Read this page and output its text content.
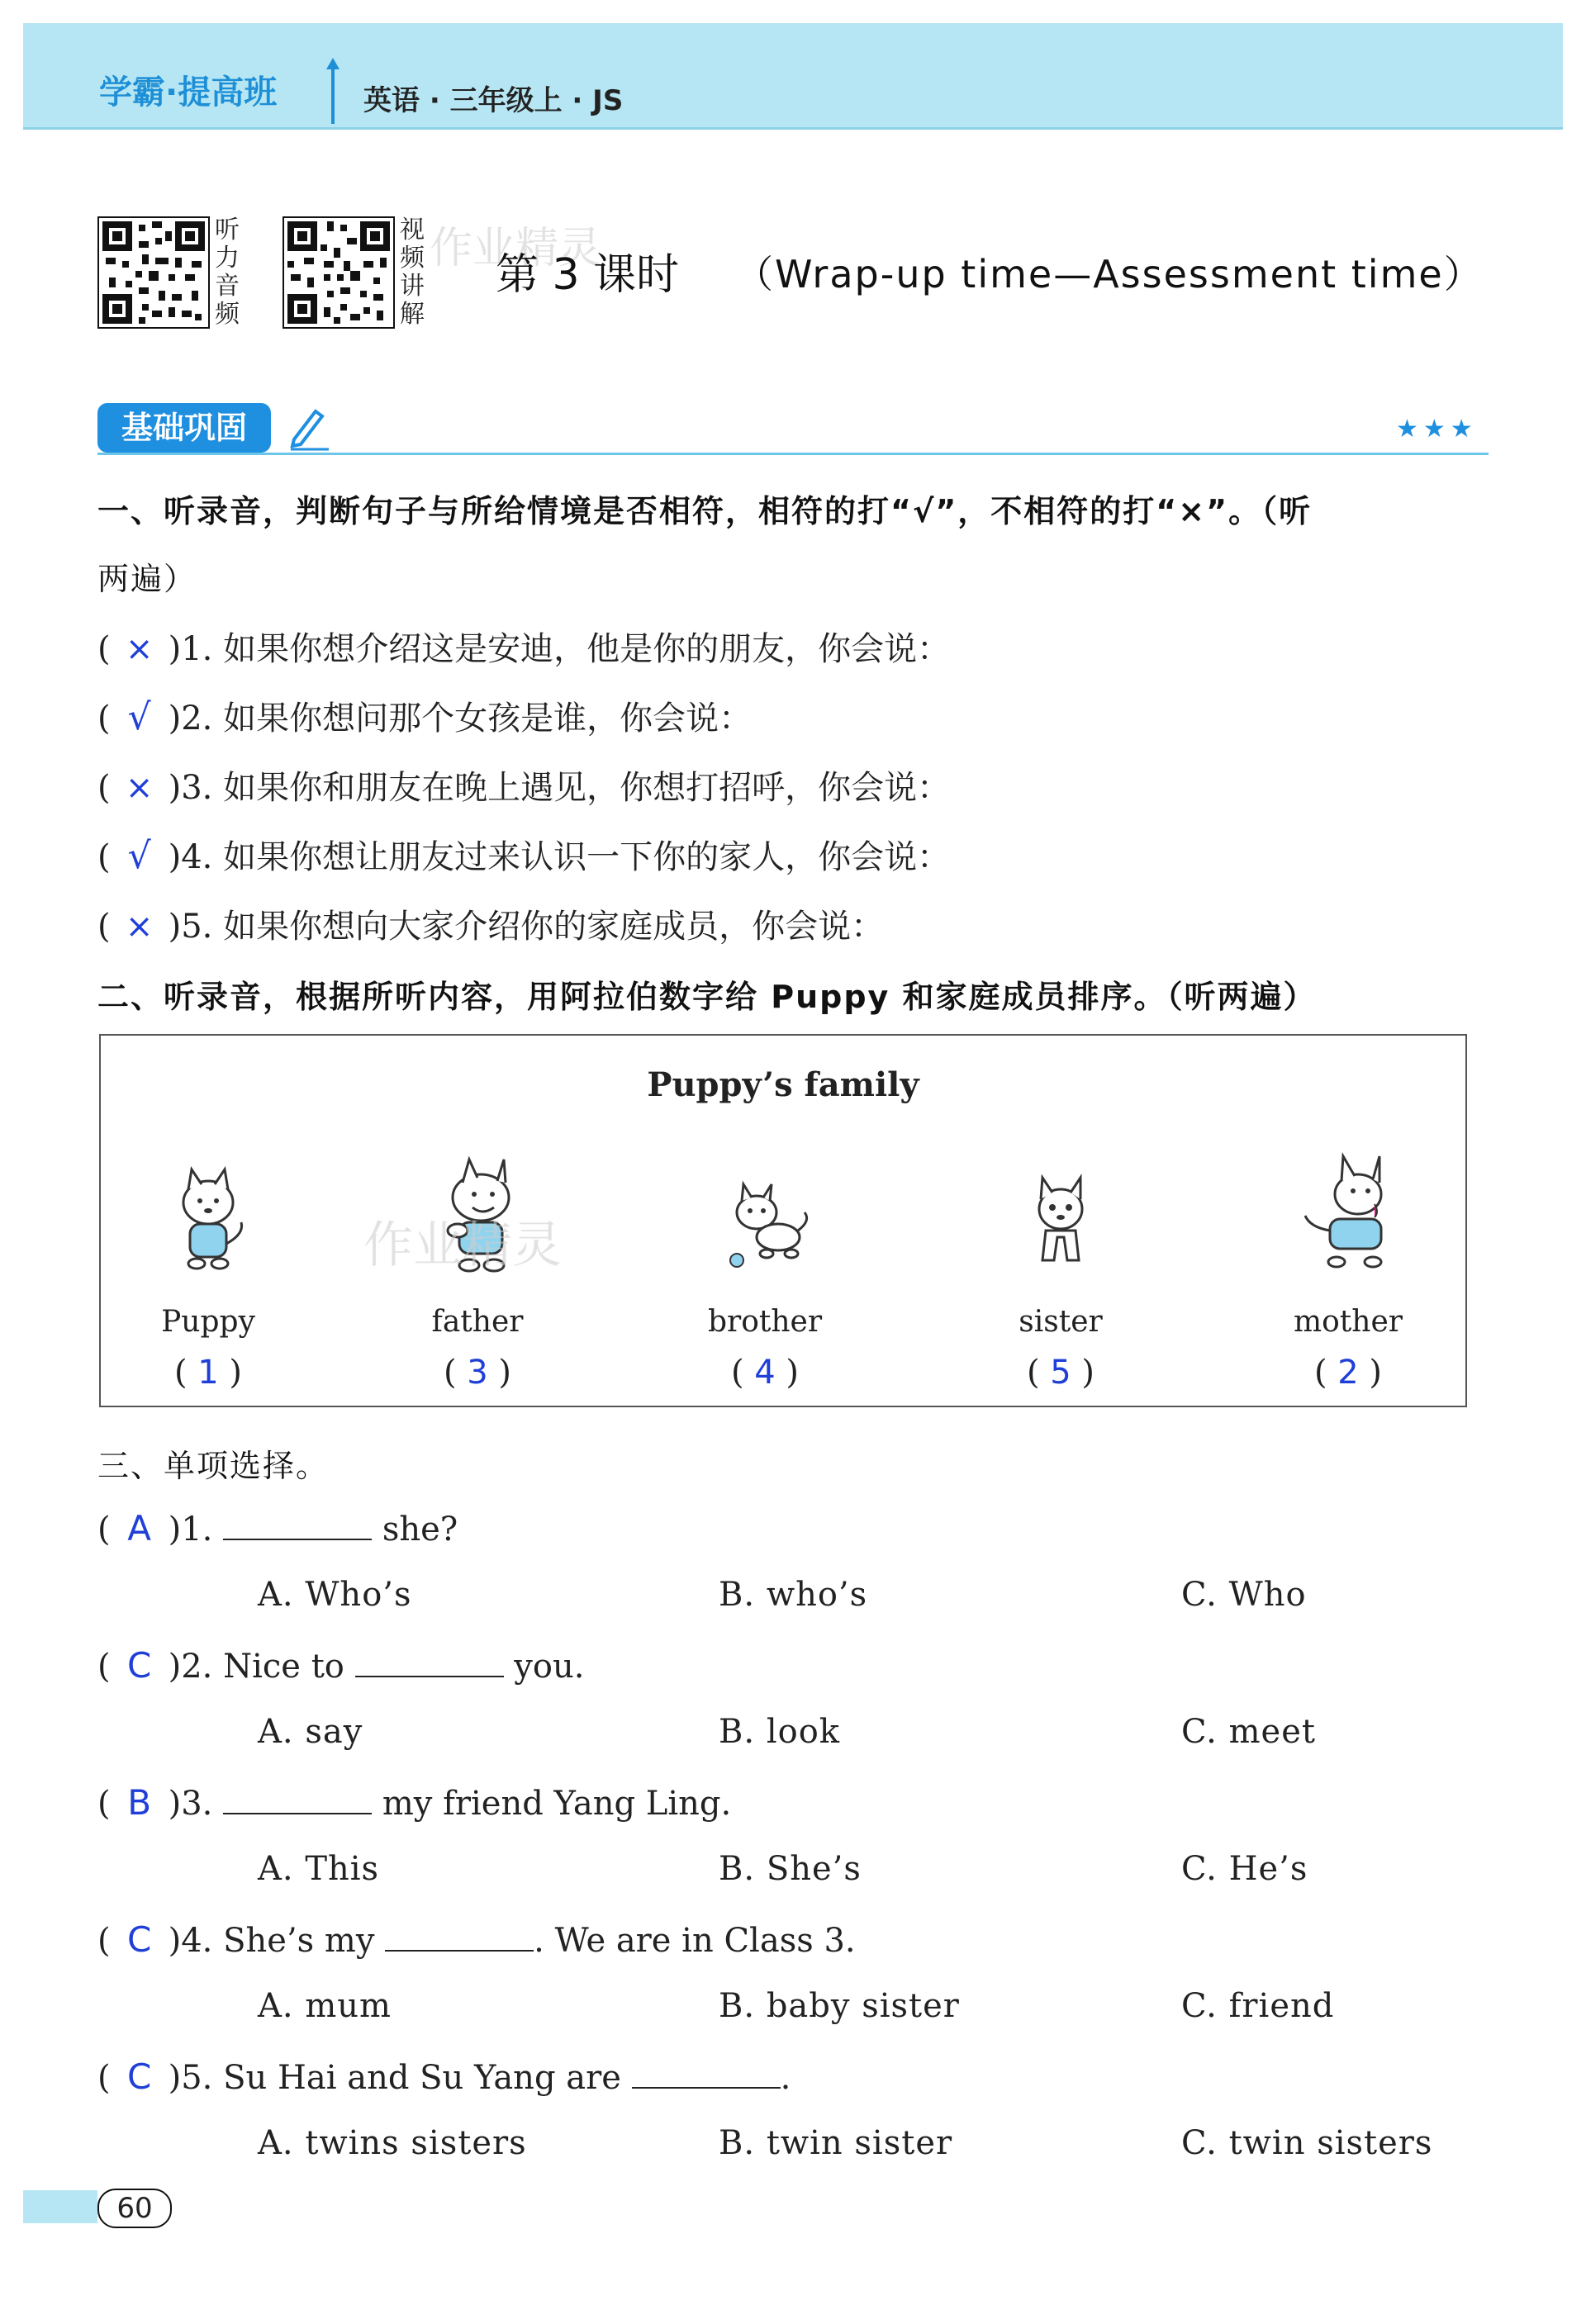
学霸·提高班	英语 · 三年级上 · JS
听
力
音
频
视
频
讲
解
作业精灵
第 3 课时 （Wrap-up time—Assessment time）
基础巩固	★★★
一、听录音，判断句子与所给情境是否相符，相符的打“√”，不相符的打“×”。（听
两遍）
( × )1. 如果你想介绍这是安迪，他是你的朋友，你会说：
( √ )2. 如果你想问那个女孩是谁，你会说：
( × )3. 如果你和朋友在晚上遇见，你想打招呼，你会说：
( √ )4. 如果你想让朋友过来认识一下你的家人，你会说：
( × )5. 如果你想向大家介绍你的家庭成员，你会说：
二、听录音，根据所听内容，用阿拉伯数字给 Puppy 和家庭成员排序。（听两遍）
Puppy’s family
Puppy
( 1 )
father
( 3 )
brother
( 4 )
sister
( 5 )
mother
( 2 )
作业精灵
三、单项选择。
( A )1.	she?
A. Who’s	B. who’s	C. Who
( C )2. Nice to	you.
A. say	B. look	C. meet
( B )3.	my friend Yang Ling.
A. This	B. She’s	C. He’s
( C )4. She’s my	. We are in Class 3.
A. mum	B. baby sister	C. friend
( C )5. Su Hai and Su Yang are	.
A. twins sisters	B. twin sister	C. twin sisters
60
